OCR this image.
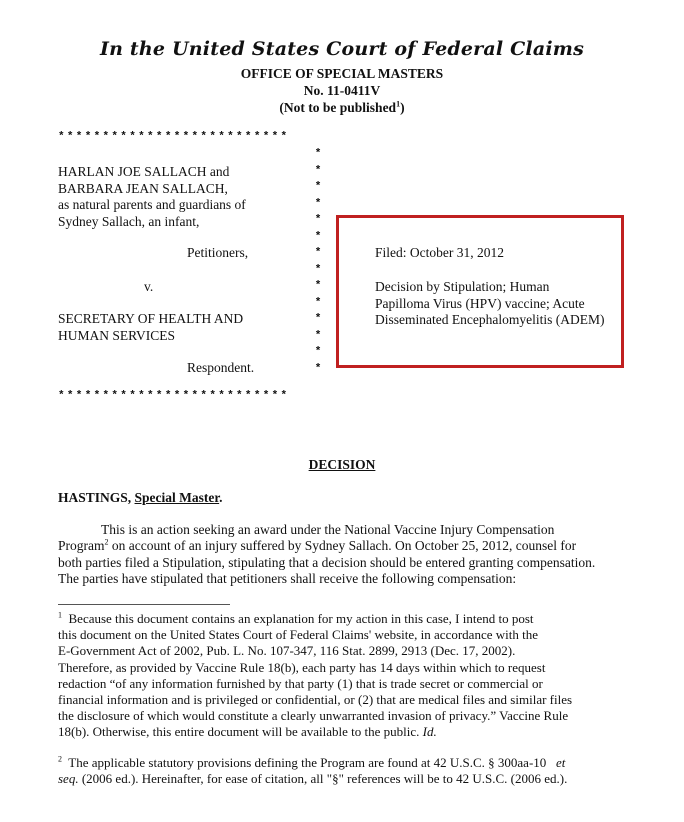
In the United States Court of Federal Claims
OFFICE OF SPECIAL MASTERS
No. 11-0411V
(Not to be published$^1$)
**************************
**************************
*
*
*
*
*
*
*
*
*
*
*
*
*
*
HARLAN JOE SALLACH and
BARBARA JEAN SALLACH,
as natural parents and guardians of
Sydney Sallach, an infant,
Petitioners,
v.
SECRETARY OF HEALTH AND
HUMAN SERVICES
Respondent.
Filed: October 31, 2012
Decision by Stipulation; Human
Papilloma Virus (HPV) vaccine; Acute
Disseminated Encephalomyelitis (ADEM)
DECISION
HASTINGS, Special Master.
This is an action seeking an award under the National Vaccine Injury Compensation
Program$^2$ on account of an injury suffered by Sydney Sallach. On October 25, 2012, counsel for
both parties filed a Stipulation, stipulating that a decision should be entered granting compensation.
The parties have stipulated that petitioners shall receive the following compensation:
$^1$ Because this document contains an explanation for my action in this case, I intend to post
this document on the United States Court of Federal Claims' website, in accordance with the
E-Government Act of 2002, Pub. L. No. 107-347, 116 Stat. 2899, 2913 (Dec. 17, 2002).
Therefore, as provided by Vaccine Rule 18(b), each party has 14 days within which to request
redaction “of any information furnished by that party (1) that is trade secret or commercial or
financial information and is privileged or confidential, or (2) that are medical files and similar files
the disclosure of which would constitute a clearly unwarranted invasion of privacy.” Vaccine Rule
18(b). Otherwise, this entire document will be available to the public. Id.
$^2$ The applicable statutory provisions defining the Program are found at 42 U.S.C. § 300aa-10 et
seq. (2006 ed.). Hereinafter, for ease of citation, all "§" references will be to 42 U.S.C. (2006 ed.).
